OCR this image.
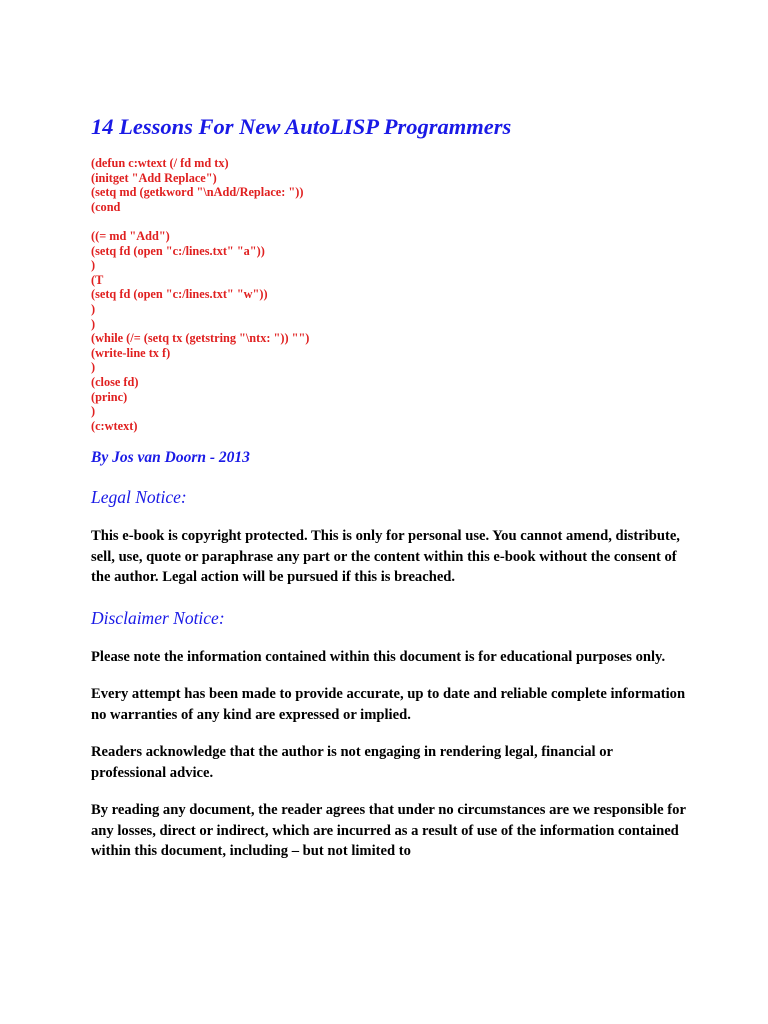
14 Lessons For New AutoLISP Programmers
(defun c:wtext (/ fd md tx)
(initget "Add Replace")
(setq md (getkword "\nAdd/Replace: "))
(cond
((= md "Add")
(setq fd (open "c:/lines.txt" "a"))
)
(T
(setq fd (open "c:/lines.txt" "w"))
)
)
(while (/= (setq tx (getstring "\ntx: ")) "")
(write-line tx f)
)
(close fd)
(princ)
)
(c:wtext)
By Jos van Doorn - 2013
Legal Notice:

This e-book is copyright protected. This is only for personal use. You cannot amend, distribute, sell, use, quote or paraphrase any part or the content within this e-book without the consent of the author. Legal action will be pursued if this is breached.

Disclaimer Notice:

Please note the information contained within this document is for educational purposes only.

Every attempt has been made to provide accurate, up to date and reliable complete information no warranties of any kind are expressed or implied.

Readers acknowledge that the author is not engaging in rendering legal, financial or professional advice.

By reading any document, the reader agrees that under no circumstances are we responsible for any losses, direct or indirect, which are incurred as a result of use of the information contained within this document, including – but not limited to
